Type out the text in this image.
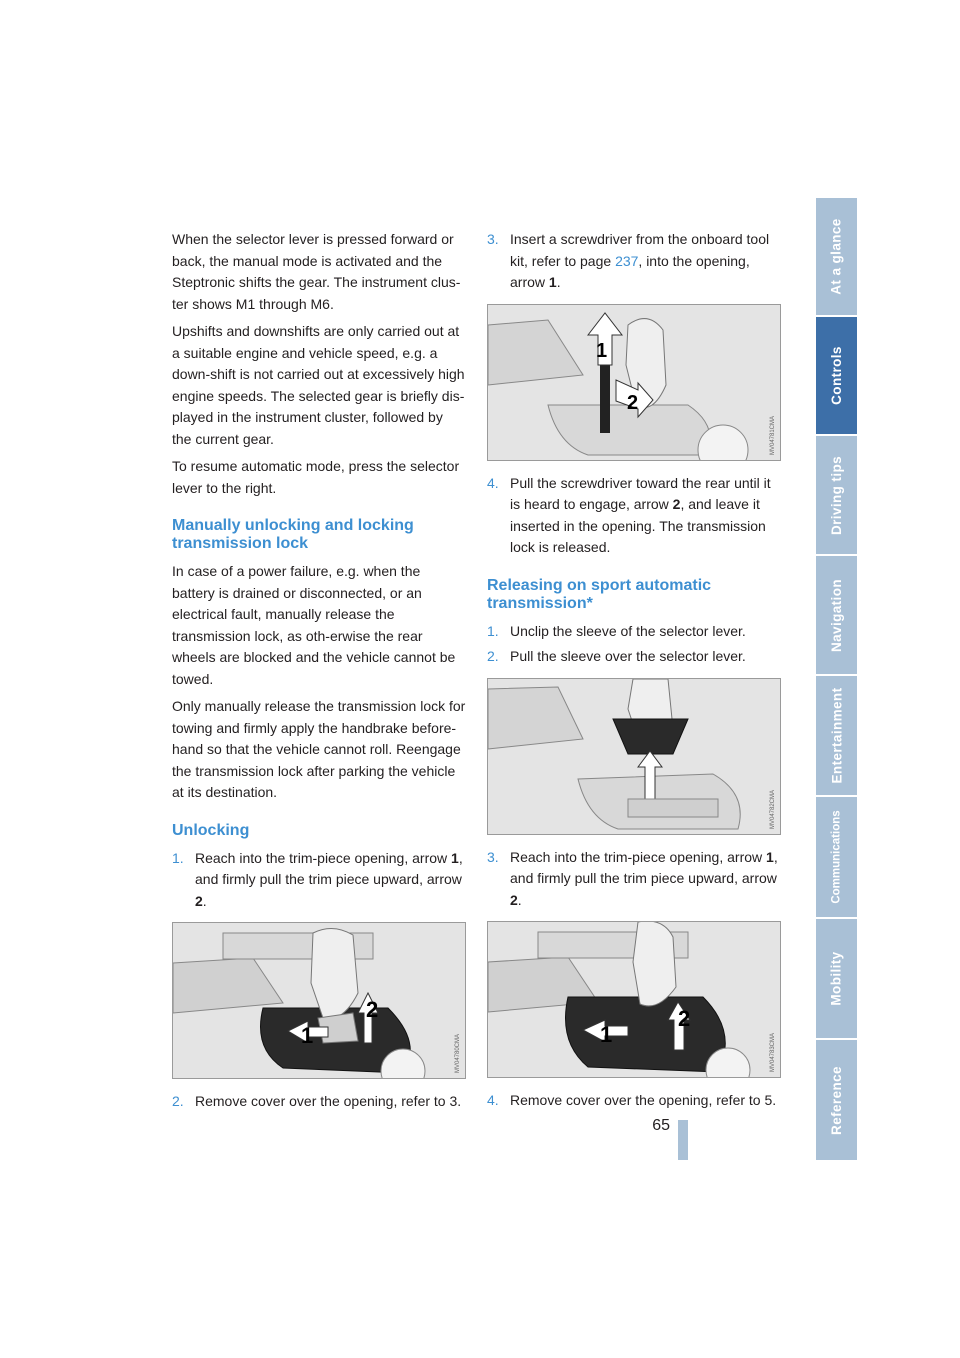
When the selector lever is pressed forward or back, the manual mode is activated and the Steptronic shifts the gear. The instrument clus-ter shows M1 through M6.

Upshifts and downshifts are only carried out at a suitable engine and vehicle speed, e.g. a down-shift is not carried out at excessively high engine speeds. The selected gear is briefly dis-played in the instrument cluster, followed by the current gear.

To resume automatic mode, press the selector lever to the right.

Manually unlocking and locking transmission lock

In case of a power failure, e.g. when the battery is drained or disconnected, or an electrical fault, manually release the transmission lock, as oth-erwise the rear wheels are blocked and the vehicle cannot be towed.

Only manually release the transmission lock for towing and firmly apply the handbrake before-hand so that the vehicle cannot roll. Reengage the transmission lock after parking the vehicle at its destination.

Unlocking
1. Reach into the trim-piece opening, arrow 1, and firmly pull the trim piece upward, arrow 2.
1
2
MV04780CMA
2. Remove cover over the opening, refer to 3.
3. Insert a screwdriver from the onboard tool kit, refer to page 237, into the opening, arrow 1.
1
2
MV04781CMA
4. Pull the screwdriver toward the rear until it is heard to engage, arrow 2, and leave it inserted in the opening. The transmission lock is released.
Releasing on sport automatic transmission*
1. Unclip the sleeve of the selector lever.
2. Pull the sleeve over the selector lever.
MV04782CMA
3. Reach into the trim-piece opening, arrow 1, and firmly pull the trim piece upward, arrow 2.
1
2
MV04783CMA
4. Remove cover over the opening, refer to 5.
At a glance
Controls
Driving tips
Navigation
Entertainment
Communications
Mobility
Reference
65
